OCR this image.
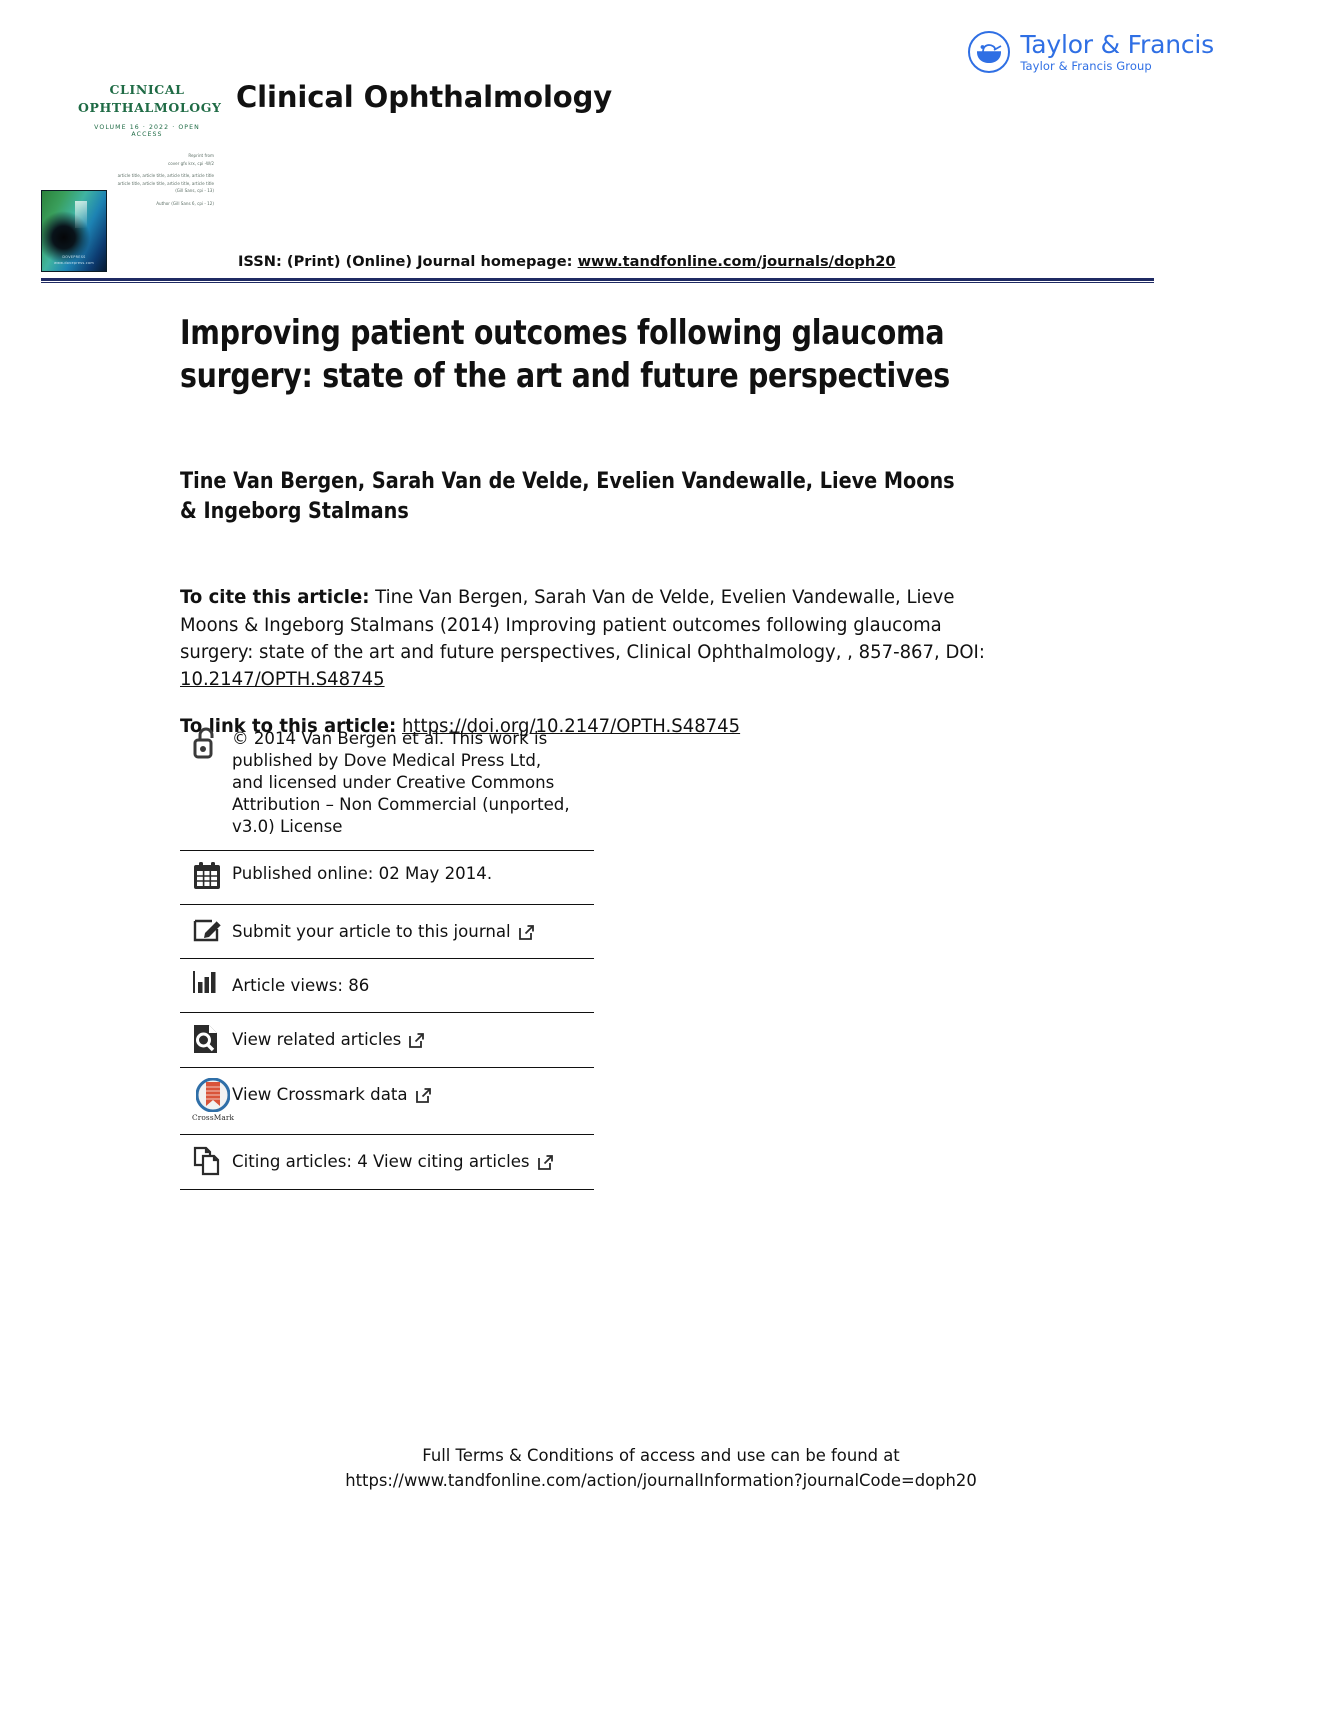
Taylor & Francis
Taylor & Francis Group
CLINICAL
OPHTHALMOLOGY
VOLUME 16 · 2022 · OPEN ACCESS
Reprint from
cover gfx krx, cpi -W/2
article title, article title, article title, article title
article title, article title, article title, article title
(Gill Sans, cpi - 13)
Author (Gill Sans 6, cpi - 12)
DOVEPRESS
www.dovepress.com
Clinical Ophthalmology
ISSN: (Print) (Online) Journal homepage: www.tandfonline.com/journals/doph20
Improving patient outcomes following glaucoma surgery: state of the art and future perspectives
Tine Van Bergen, Sarah Van de Velde, Evelien Vandewalle, Lieve Moons & Ingeborg Stalmans
To cite this article: Tine Van Bergen, Sarah Van de Velde, Evelien Vandewalle, Lieve Moons & Ingeborg Stalmans (2014) Improving patient outcomes following glaucoma surgery: state of the art and future perspectives, Clinical Ophthalmology, , 857-867, DOI: 10.2147/OPTH.S48745
To link to this article: https://doi.org/10.2147/OPTH.S48745
© 2014 Van Bergen et al. This work is
published by Dove Medical Press Ltd,
and licensed under Creative Commons
Attribution – Non Commercial (unported,
v3.0) License
Published online: 02 May 2014.
Submit your article to this journal
Article views: 86
View related articles
CrossMark
View Crossmark data
Citing articles: 4 View citing articles
Full Terms & Conditions of access and use can be found at
https://www.tandfonline.com/action/journalInformation?journalCode=doph20
